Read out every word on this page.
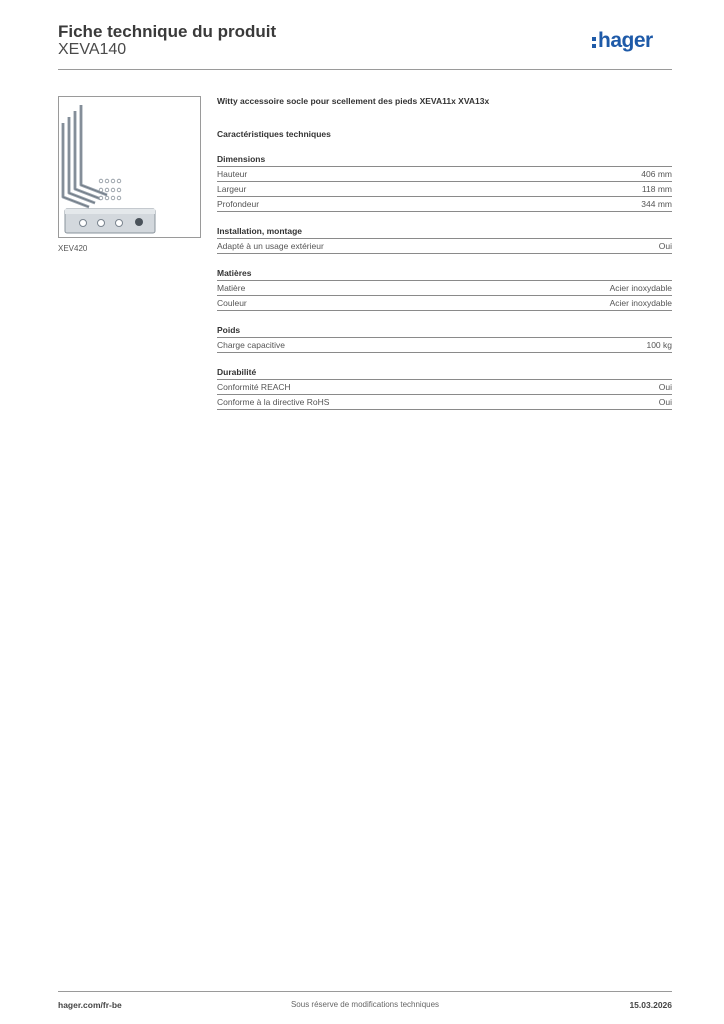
Fiche technique du produit
XEVA140	hager
XEV420
Witty accessoire socle pour scellement des pieds XEVA11x XVA13x
Caractéristiques techniques
Dimensions
Hauteur	406 mm
Largeur	118 mm
Profondeur	344 mm
Installation, montage
Adapté à un usage extérieur	Oui
Matières
Matière	Acier inoxydable
Couleur	Acier inoxydable
Poids
Charge capacitive	100 kg
Durabilité
Conformité REACH	Oui
Conforme à la directive RoHS	Oui
hager.com/fr-be	Sous réserve de modifications techniques	15.03.2026
